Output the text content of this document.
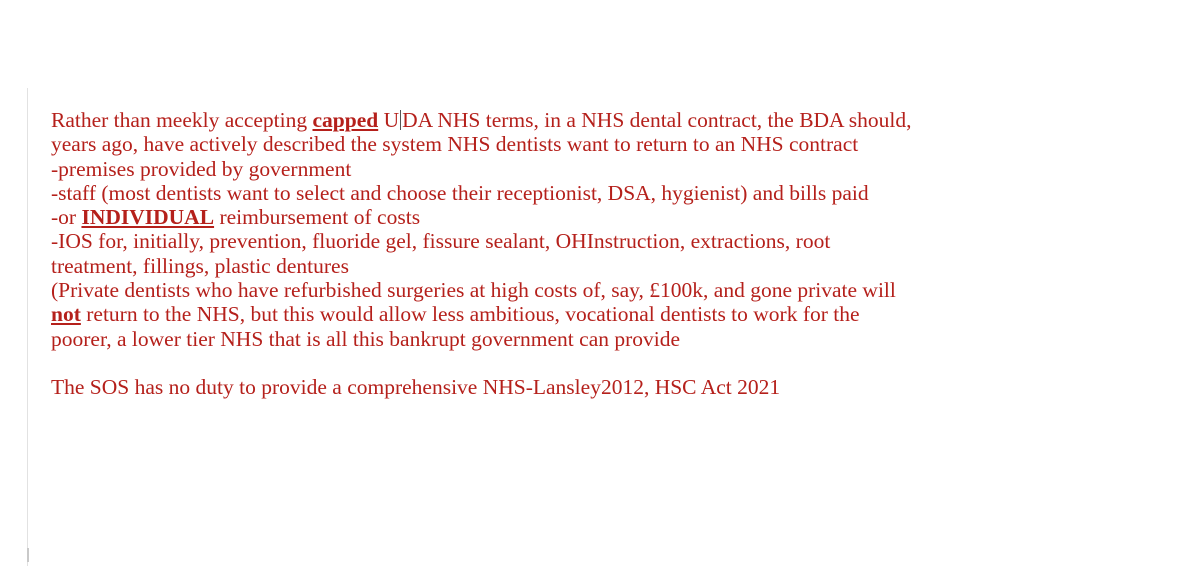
Rather than meekly accepting capped U DA NHS terms, in a NHS dental contract, the BDA should,
years ago, have actively described the system NHS dentists want to return to an NHS contract
-premises provided by government
-staff (most dentists want to select and choose their receptionist, DSA, hygienist) and bills paid
-or INDIVIDUAL reimbursement of costs
-IOS for, initially, prevention, fluoride gel, fissure sealant, OHInstruction, extractions, root
treatment, fillings, plastic dentures
(Private dentists who have refurbished surgeries at high costs of, say, £100k, and gone private will
not return to the NHS, but this would allow less ambitious, vocational dentists to work for the
poorer, a lower tier NHS that is all this bankrupt government can provide
The SOS has no duty to provide a comprehensive NHS-Lansley2012, HSC Act 2021
